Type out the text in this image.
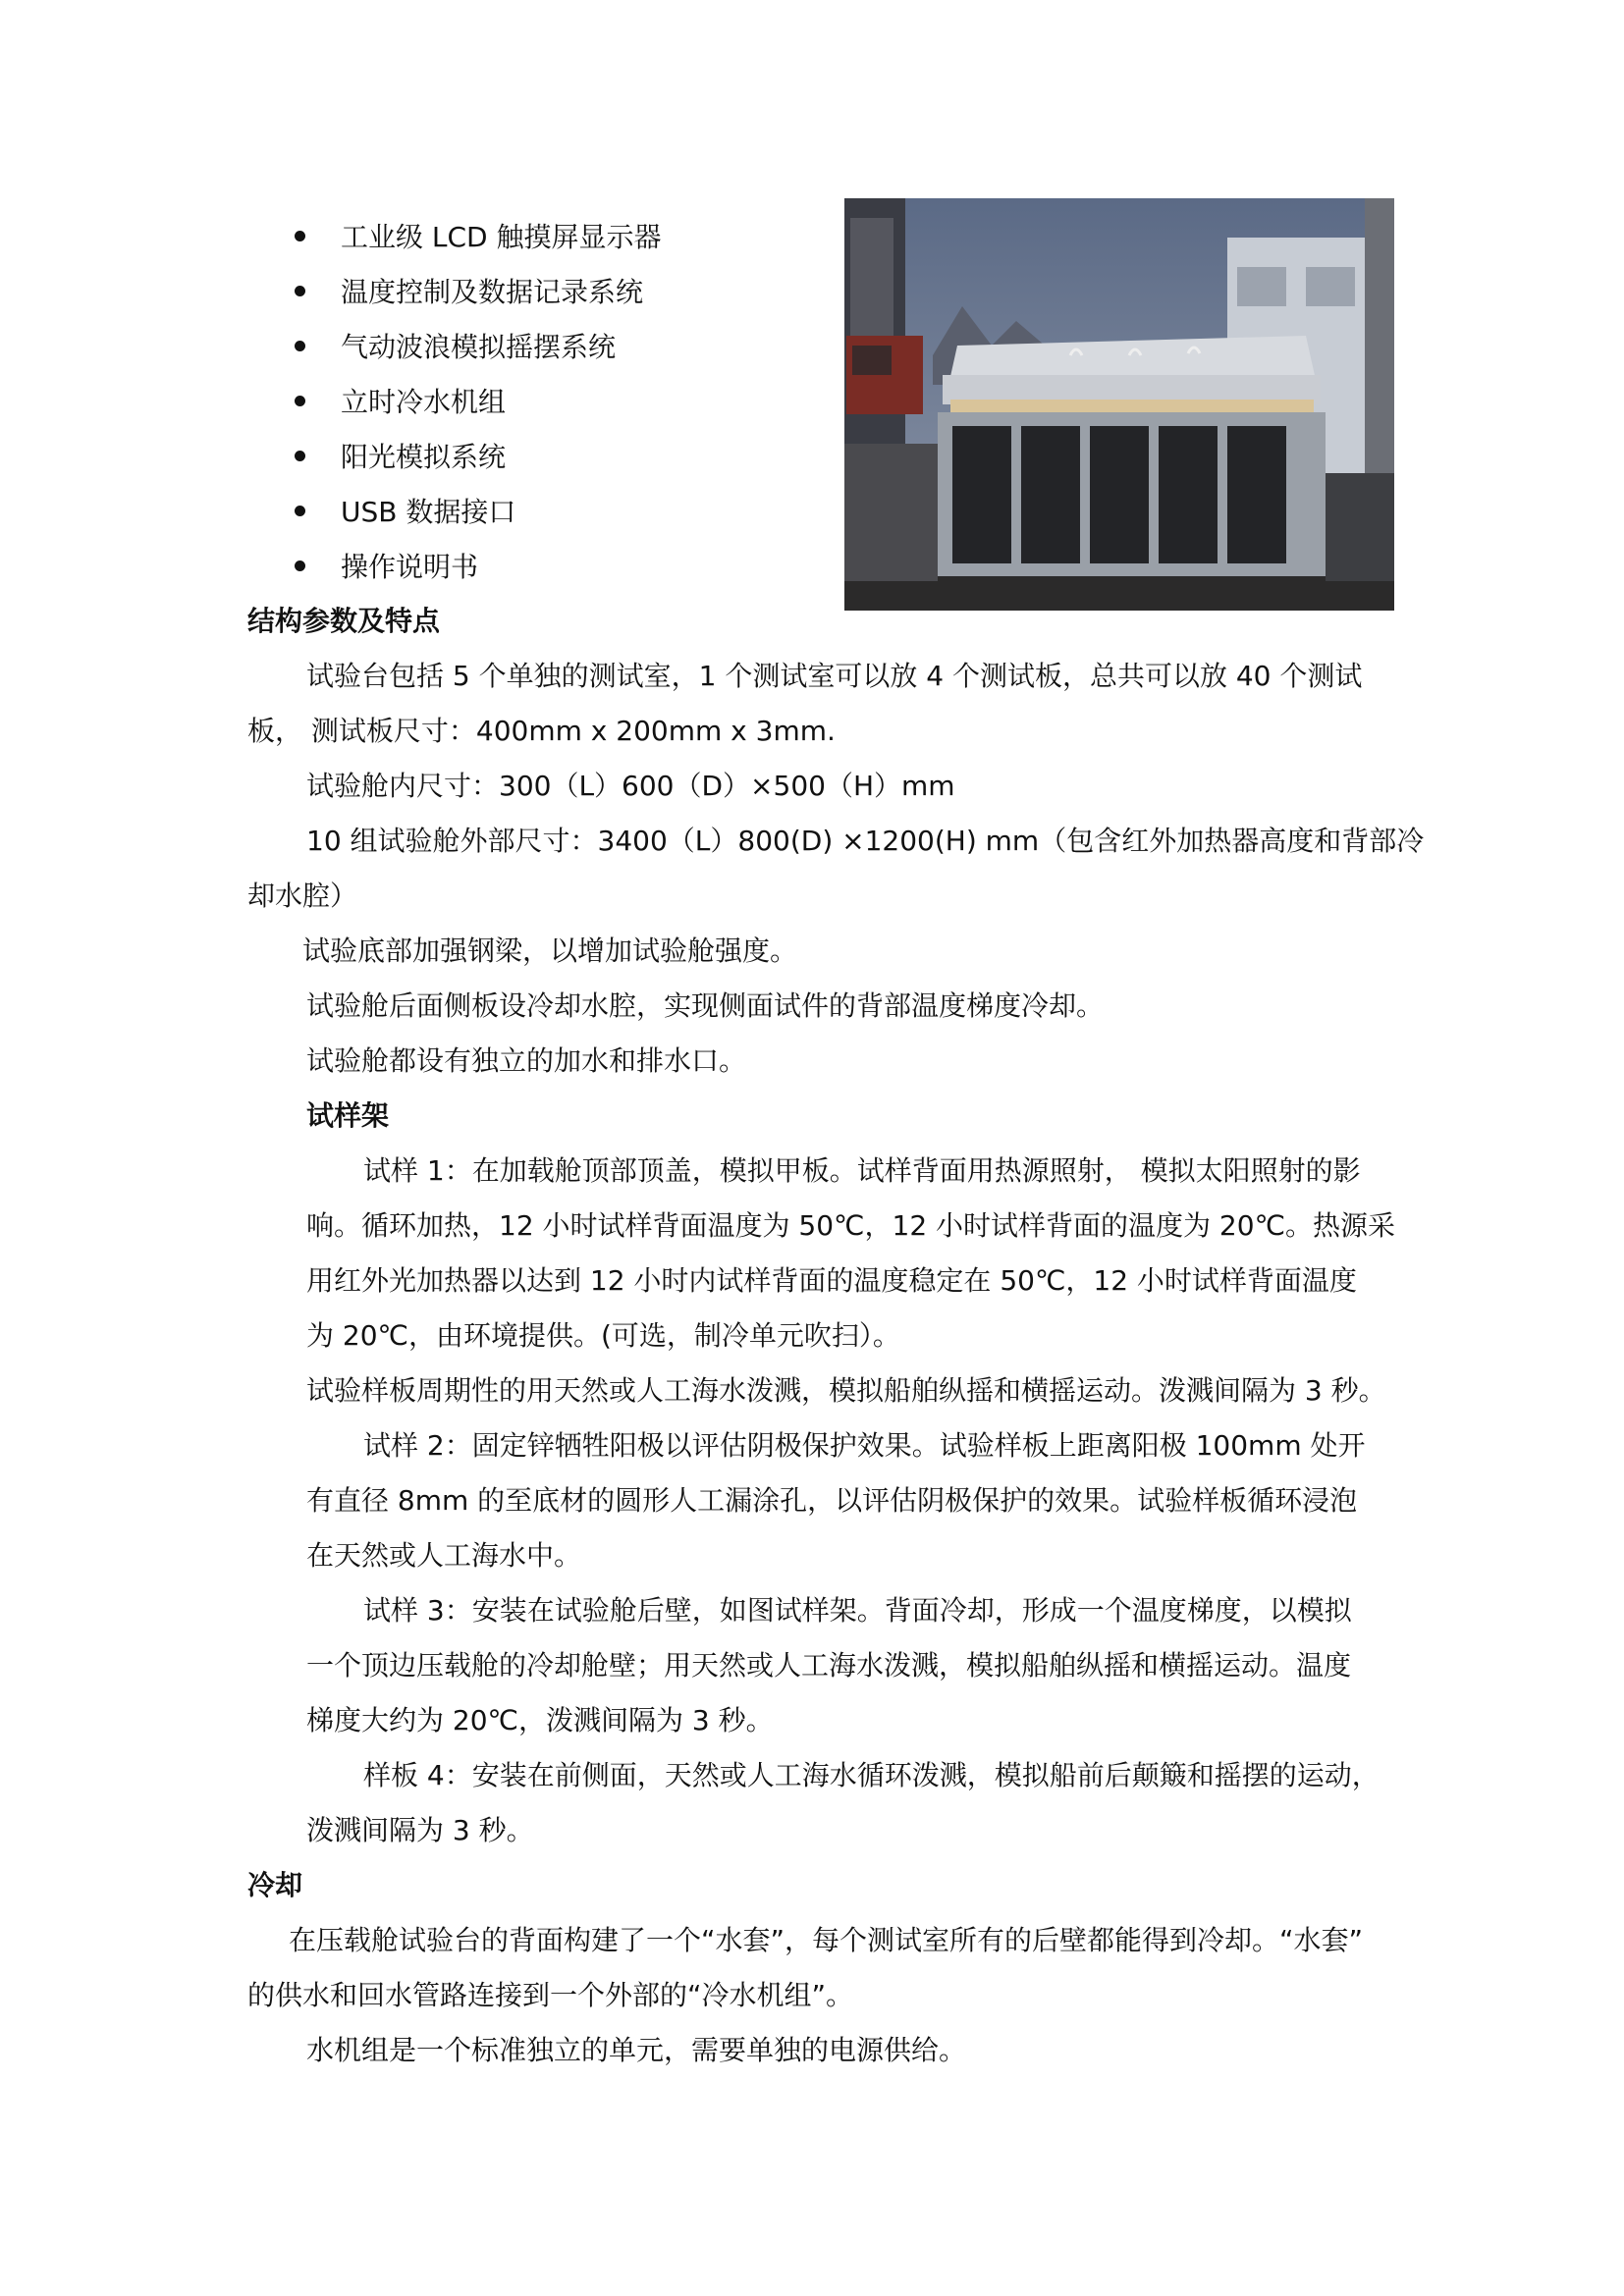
工业级 LCD 触摸屏显示器
温度控制及数据记录系统
气动波浪模拟摇摆系统
立时冷水机组
阳光模拟系统
USB 数据接口
操作说明书
结构参数及特点
试验台包括 5 个单独的测试室，1 个测试室可以放 4 个测试板，总共可以放 40 个测试
板， 测试板尺寸：400mm x 200mm x 3mm.
试验舱内尺寸：300（L）600（D）×500（H）mm
10 组试验舱外部尺寸：3400（L）800(D) ×1200(H) mm（包含红外加热器高度和背部冷
却水腔）
试验底部加强钢梁，以增加试验舱强度。
试验舱后面侧板设冷却水腔，实现侧面试件的背部温度梯度冷却。
试验舱都设有独立的加水和排水口。
试样架
试样 1：在加载舱顶部顶盖，模拟甲板。试样背面用热源照射， 模拟太阳照射的影
响。循环加热，12 小时试样背面温度为 50℃，12 小时试样背面的温度为 20℃。热源采
用红外光加热器以达到 12 小时内试样背面的温度稳定在 50℃，12 小时试样背面温度
为 20℃，由环境提供。(可选，制冷单元吹扫）。
试验样板周期性的用天然或人工海水泼溅，模拟船舶纵摇和横摇运动。泼溅间隔为 3 秒。
试样 2：固定锌牺牲阳极以评估阴极保护效果。试验样板上距离阳极 100mm 处开
有直径 8mm 的至底材的圆形人工漏涂孔，以评估阴极保护的效果。试验样板循环浸泡
在天然或人工海水中。
试样 3：安装在试验舱后壁，如图试样架。背面冷却，形成一个温度梯度，以模拟
一个顶边压载舱的冷却舱壁；用天然或人工海水泼溅，模拟船舶纵摇和横摇运动。温度
梯度大约为 20℃，泼溅间隔为 3 秒。
样板 4：安装在前侧面，天然或人工海水循环泼溅，模拟船前后颠簸和摇摆的运动，
泼溅间隔为 3 秒。
冷却
在压载舱试验台的背面构建了一个“水套”，每个测试室所有的后壁都能得到冷却。“水套”
的供水和回水管路连接到一个外部的“冷水机组”。
水机组是一个标准独立的单元，需要单独的电源供给。
